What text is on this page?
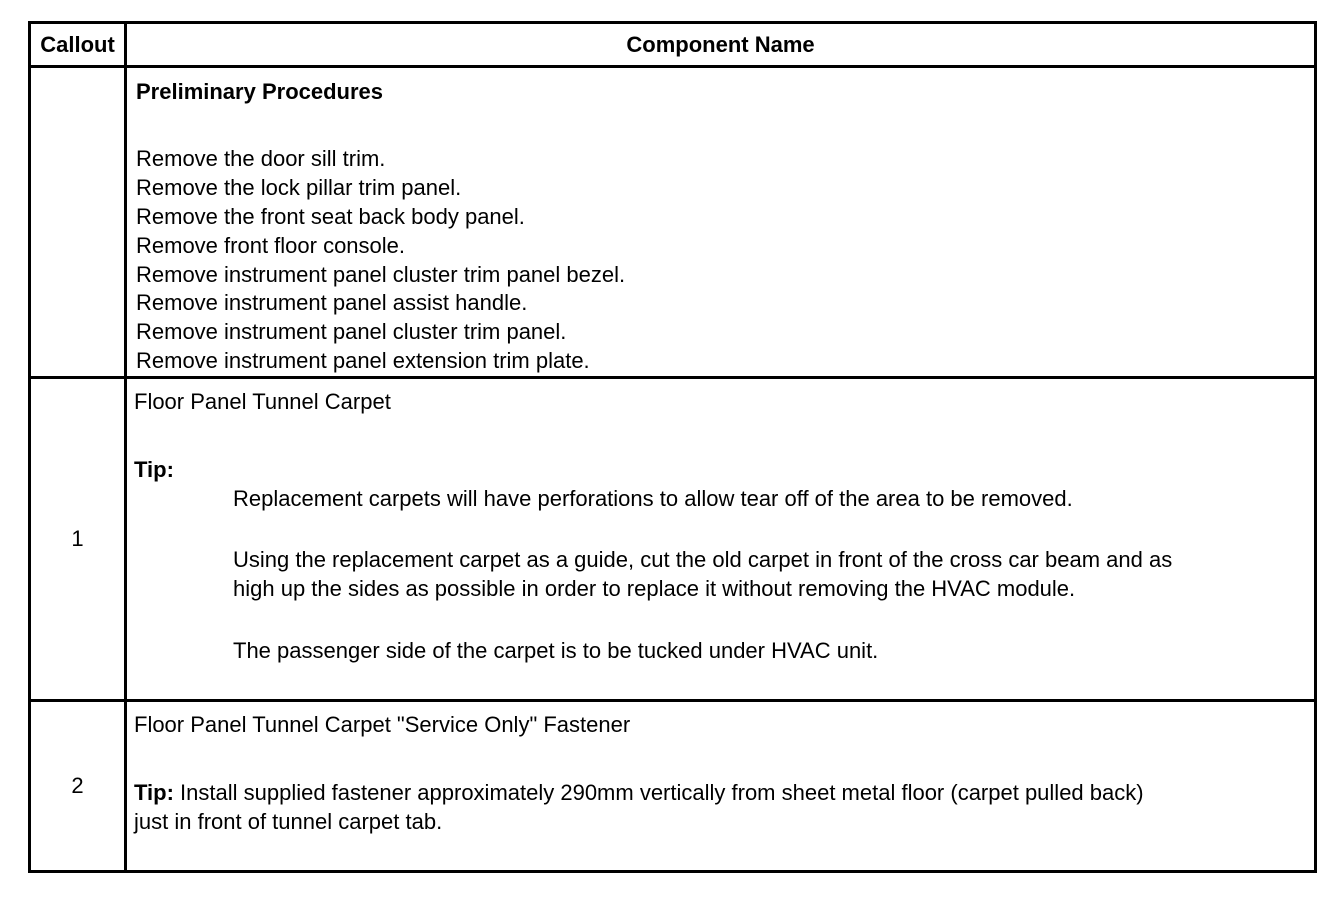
Callout	Component Name
Preliminary Procedures
Remove the door sill trim.
Remove the lock pillar trim panel.
Remove the front seat back body panel.
Remove front floor console.
Remove instrument panel cluster trim panel bezel.
Remove instrument panel assist handle.
Remove instrument panel cluster trim panel.
Remove instrument panel extension trim plate.
1
Floor Panel Tunnel Carpet
Tip:
Replacement carpets will have perforations to allow tear off of the area to be removed.
Using the replacement carpet as a guide, cut the old carpet in front of the cross car beam and as
high up the sides as possible in order to replace it without removing the HVAC module.
The passenger side of the carpet is to be tucked under HVAC unit.
2
Floor Panel Tunnel Carpet "Service Only" Fastener
Tip: Install supplied fastener approximately 290mm vertically from sheet metal floor (carpet pulled back)
just in front of tunnel carpet tab.
